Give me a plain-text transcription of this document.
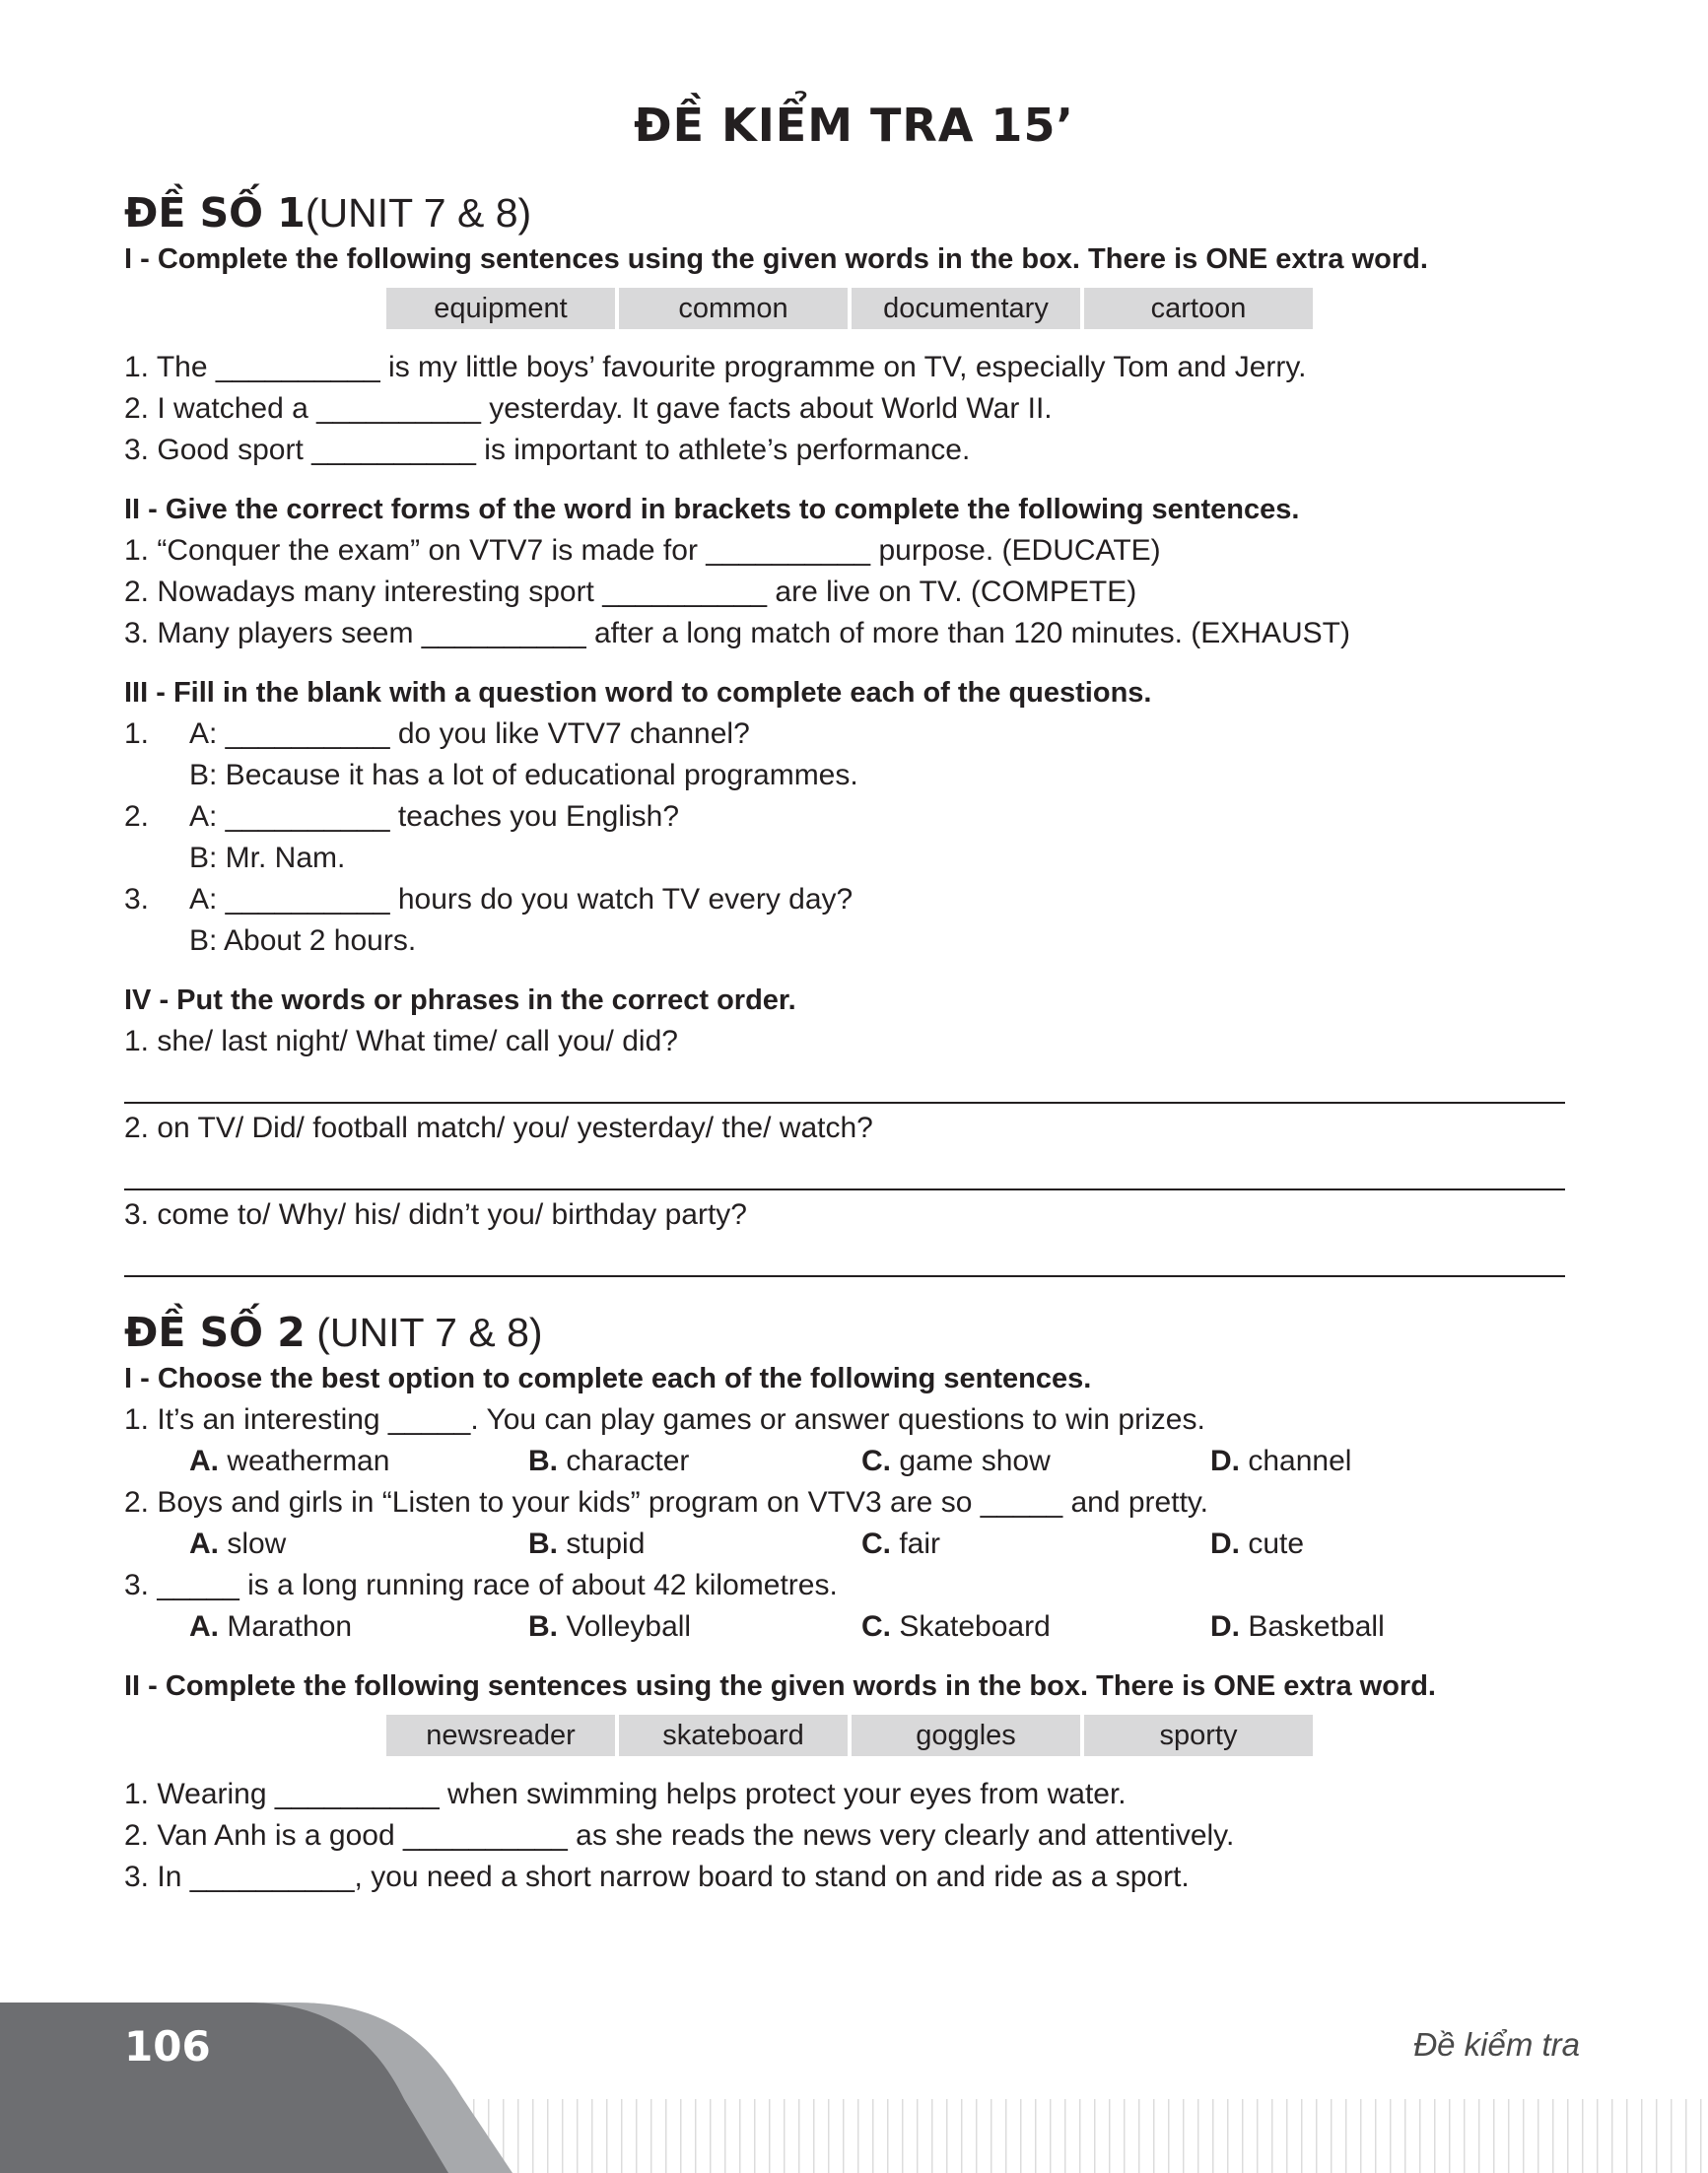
ĐỀ KIỂM TRA 15’
ĐỀ SỐ 1(UNIT 7 & 8)

I - Complete the following sentences using the given words in the box. There is ONE extra word.

equipment	common	documentary	cartoon

1. The __________ is my little boys’ favourite programme on TV, especially Tom and Jerry.

2. I watched a __________ yesterday. It gave facts about World War II.

3. Good sport __________ is important to athlete’s performance.

II - Give the correct forms of the word in brackets to complete the following sentences.

1. “Conquer the exam” on VTV7 is made for __________ purpose. (EDUCATE)

2. Nowadays many interesting sport __________ are live on TV. (COMPETE)

3. Many players seem __________ after a long match of more than 120 minutes. (EXHAUST)

III - Fill in the blank with a question word to complete each of the questions.

1.	A: __________ do you like VTV7 channel?
B: Because it has a lot of educational programmes.
2.	A: __________ teaches you English?
B: Mr. Nam.
3.	A: __________ hours do you watch TV every day?
B: About 2 hours.

IV - Put the words or phrases in the correct order.

1. she/ last night/ What time/ call you/ did?

2. on TV/ Did/ football match/ you/ yesterday/ the/ watch?

3. come to/ Why/ his/ didn’t you/ birthday party?

ĐỀ SỐ 2 (UNIT 7 & 8)

I - Choose the best option to complete each of the following sentences.

1. It’s an interesting _____. You can play games or answer questions to win prizes.

A. weatherman	B. character	C. game show	D. channel

2. Boys and girls in “Listen to your kids” program on VTV3 are so _____ and pretty.

A. slow	B. stupid	C. fair	D. cute

3. _____ is a long running race of about 42 kilometres.

A. Marathon	B. Volleyball	C. Skateboard	D. Basketball

II - Complete the following sentences using the given words in the box. There is ONE extra word.

newsreader	skateboard	goggles	sporty

1. Wearing __________ when swimming helps protect your eyes from water.

2. Van Anh is a good __________ as she reads the news very clearly and attentively.

3. In __________, you need a short narrow board to stand on and ride as a sport.

106	Đề kiểm tra
